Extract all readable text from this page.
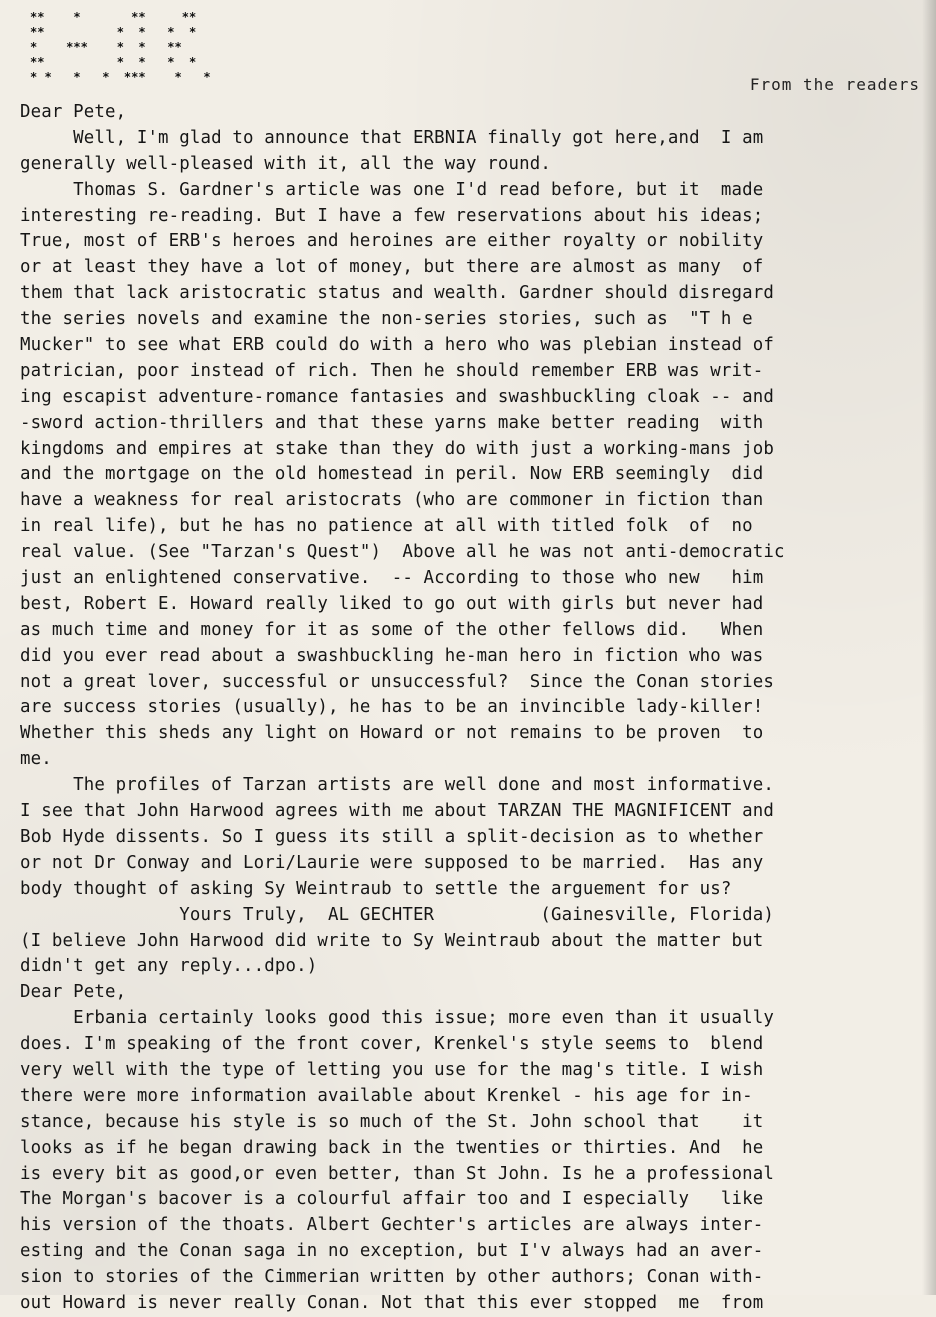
**    *       **     **
**          *  *   *  *
*    ***    *  *   **
**          *  *   *  *
* *   *   *  ***    *   *	From the readers
Dear Pete,
Well, I'm glad to announce that ERBNIA finally got here,and  I am
generally well-pleased with it, all the way round.
Thomas S. Gardner's article was one I'd read before, but it  made
interesting re-reading. But I have a few reservations about his ideas;
True, most of ERB's heroes and heroines are either royalty or nobility
or at least they have a lot of money, but there are almost as many  of
them that lack aristocratic status and wealth. Gardner should disregard
the series novels and examine the non-series stories, such as  "T h e
Mucker" to see what ERB could do with a hero who was plebian instead of
patrician, poor instead of rich. Then he should remember ERB was writ-
ing escapist adventure-romance fantasies and swashbuckling cloak -- and
-sword action-thrillers and that these yarns make better reading  with
kingdoms and empires at stake than they do with just a working-mans job
and the mortgage on the old homestead in peril. Now ERB seemingly  did
have a weakness for real aristocrats (who are commoner in fiction than
in real life), but he has no patience at all with titled folk  of  no
real value. (See "Tarzan's Quest")  Above all he was not anti-democratic
just an enlightened conservative.  -- According to those who new   him
best, Robert E. Howard really liked to go out with girls but never had
as much time and money for it as some of the other fellows did.   When
did you ever read about a swashbuckling he-man hero in fiction who was
not a great lover, successful or unsuccessful?  Since the Conan stories
are success stories (usually), he has to be an invincible lady-killer!
Whether this sheds any light on Howard or not remains to be proven  to
me.
The profiles of Tarzan artists are well done and most informative.
I see that John Harwood agrees with me about TARZAN THE MAGNIFICENT and
Bob Hyde dissents. So I guess its still a split-decision as to whether
or not Dr Conway and Lori/Laurie were supposed to be married.  Has any
body thought of asking Sy Weintraub to settle the arguement for us?
Yours Truly,  AL GECHTER          (Gainesville, Florida)
(I believe John Harwood did write to Sy Weintraub about the matter but
didn't get any reply...dpo.)
Dear Pete,
Erbania certainly looks good this issue; more even than it usually
does. I'm speaking of the front cover, Krenkel's style seems to  blend
very well with the type of letting you use for the mag's title. I wish
there were more information available about Krenkel - his age for in-
stance, because his style is so much of the St. John school that    it
looks as if he began drawing back in the twenties or thirties. And  he
is every bit as good,or even better, than St John. Is he a professional
The Morgan's bacover is a colourful affair too and I especially   like
his version of the thoats. Albert Gechter's articles are always inter-
esting and the Conan saga in no exception, but I'v always had an aver-
sion to stories of the Cimmerian written by other authors; Conan with-
out Howard is never really Conan. Not that this ever stopped  me  from
